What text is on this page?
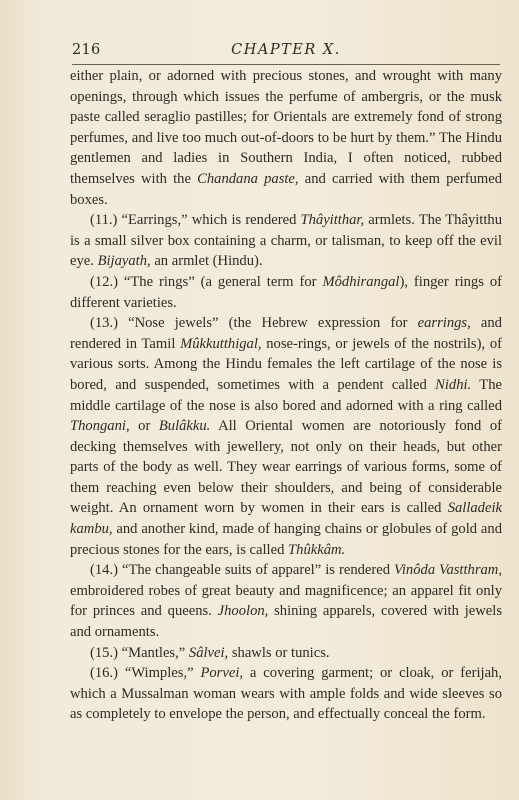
216	CHAPTER X.

either plain, or adorned with precious stones, and wrought with many openings, through which issues the perfume of ambergris, or the musk paste called seraglio pastilles; for Orientals are extremely fond of strong perfumes, and live too much out-of-doors to be hurt by them.” The Hindu gentlemen and ladies in Southern India, I often noticed, rubbed themselves with the Chandana paste, and carried with them perfumed boxes.

(11.) “Earrings,” which is rendered Thâyitthar, armlets. The Thâyitthu is a small silver box containing a charm, or talisman, to keep off the evil eye. Bijayath, an armlet (Hindu).

(12.) “The rings” (a general term for Môdhirangal), finger rings of different varieties.

(13.) “Nose jewels” (the Hebrew expression for earrings, and rendered in Tamil Mûkkutthigal, nose-rings, or jewels of the nostrils), of various sorts. Among the Hindu females the left cartilage of the nose is bored, and suspended, sometimes with a pendent called Nidhi. The middle cartilage of the nose is also bored and adorned with a ring called Thongani, or Bulâkku. All Oriental women are notoriously fond of decking themselves with jewellery, not only on their heads, but other parts of the body as well. They wear earrings of various forms, some of them reaching even below their shoulders, and being of considerable weight. An ornament worn by women in their ears is called Salladeik kambu, and another kind, made of hanging chains or globules of gold and precious stones for the ears, is called Thûkkâm.

(14.) “The changeable suits of apparel” is rendered Vinôda Vastthram, embroidered robes of great beauty and magnificence; an apparel fit only for princes and queens. Jhoolon, shining apparels, covered with jewels and ornaments.

(15.) “Mantles,” Sâlvei, shawls or tunics.

(16.) “Wimples,” Porvei, a covering garment; or cloak, or ferijah, which a Mussalman woman wears with ample folds and wide sleeves so as completely to envelope the person, and effectually conceal the form.
